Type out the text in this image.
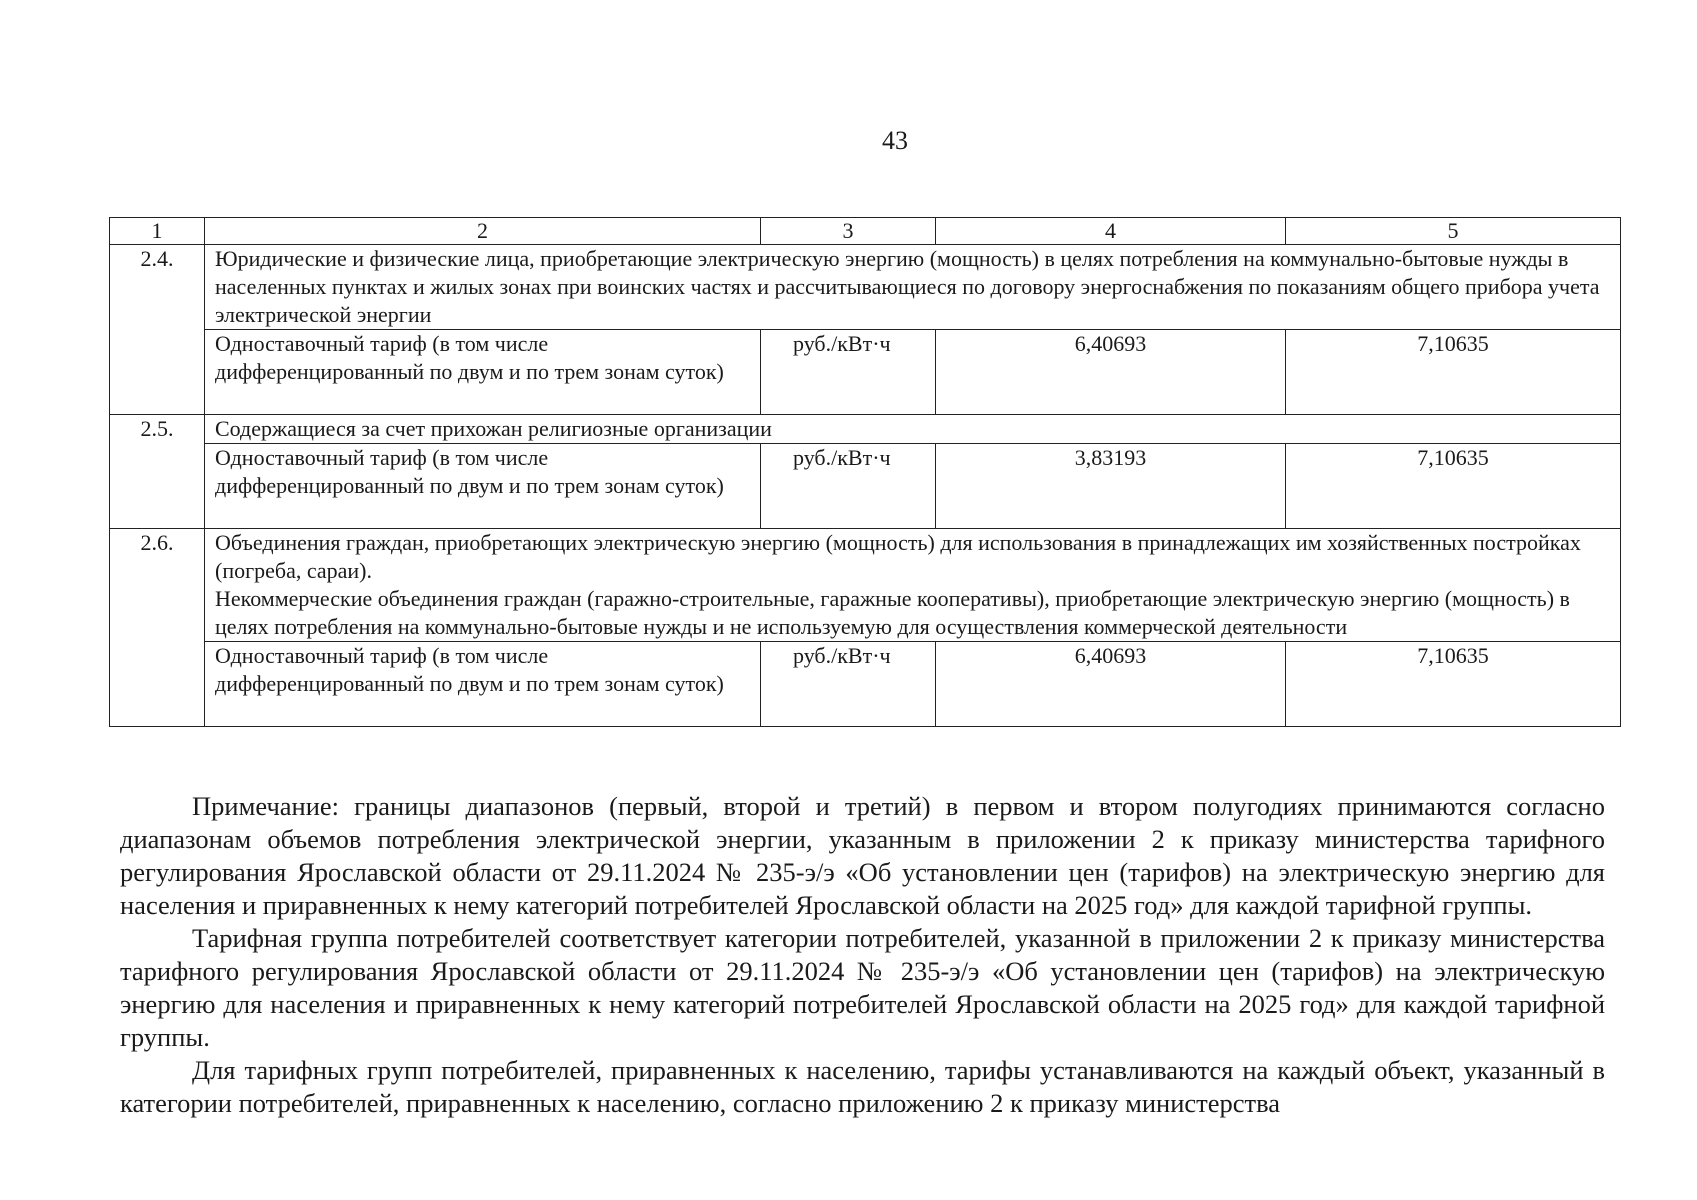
43
1	2	3	4	5
2.4.	Юридические и физические лица, приобретающие электрическую энергию (мощность) в целях потребления на коммунально-бытовые нужды в населенных пунктах и жилых зонах при воинских частях и рассчитывающиеся по договору энергоснабжения по показаниям общего прибора учета электрической энергии			
	Одноставочный тариф (в том числе дифференцированный по двум и по трем зонам суток)	руб./кВт·ч	6,40693	7,10635
2.5.	Содержащиеся за счет прихожан религиозные организации			
	Одноставочный тариф (в том числе дифференцированный по двум и по трем зонам суток)	руб./кВт·ч	3,83193	7,10635
2.6.	Объединения граждан, приобретающих электрическую энергию (мощность) для использования в принадлежащих им хозяйственных постройках (погреба, сараи).
Некоммерческие объединения граждан (гаражно-строительные, гаражные кооперативы), приобретающие электрическую энергию (мощность) в целях потребления на коммунально-бытовые нужды и не используемую для осуществления коммерческой деятельности			

	Одноставочный тариф (в том числе дифференцированный по двум и по трем зонам суток)	руб./кВт·ч	6,40693	7,10635

Примечание: границы диапазонов (первый, второй и третий) в первом и втором полугодиях принимаются согласно диапазонам объемов потребления электрической энергии, указанным в приложении 2 к приказу министерства тарифного регулирования Ярославской области от 29.11.2024 № 235-э/э «Об установлении цен (тарифов) на электрическую энергию для населения и приравненных к нему категорий потребителей Ярославской области на 2025 год» для каждой тарифной группы.

Тарифная группа потребителей соответствует категории потребителей, указанной в приложении 2 к приказу министерства тарифного регулирования Ярославской области от 29.11.2024 № 235-э/э «Об установлении цен (тарифов) на электрическую энергию для населения и приравненных к нему категорий потребителей Ярославской области на 2025 год» для каждой тарифной группы.

Для тарифных групп потребителей, приравненных к населению, тарифы устанавливаются на каждый объект, указанный в категории потребителей, приравненных к населению, согласно приложению 2 к приказу министерства
